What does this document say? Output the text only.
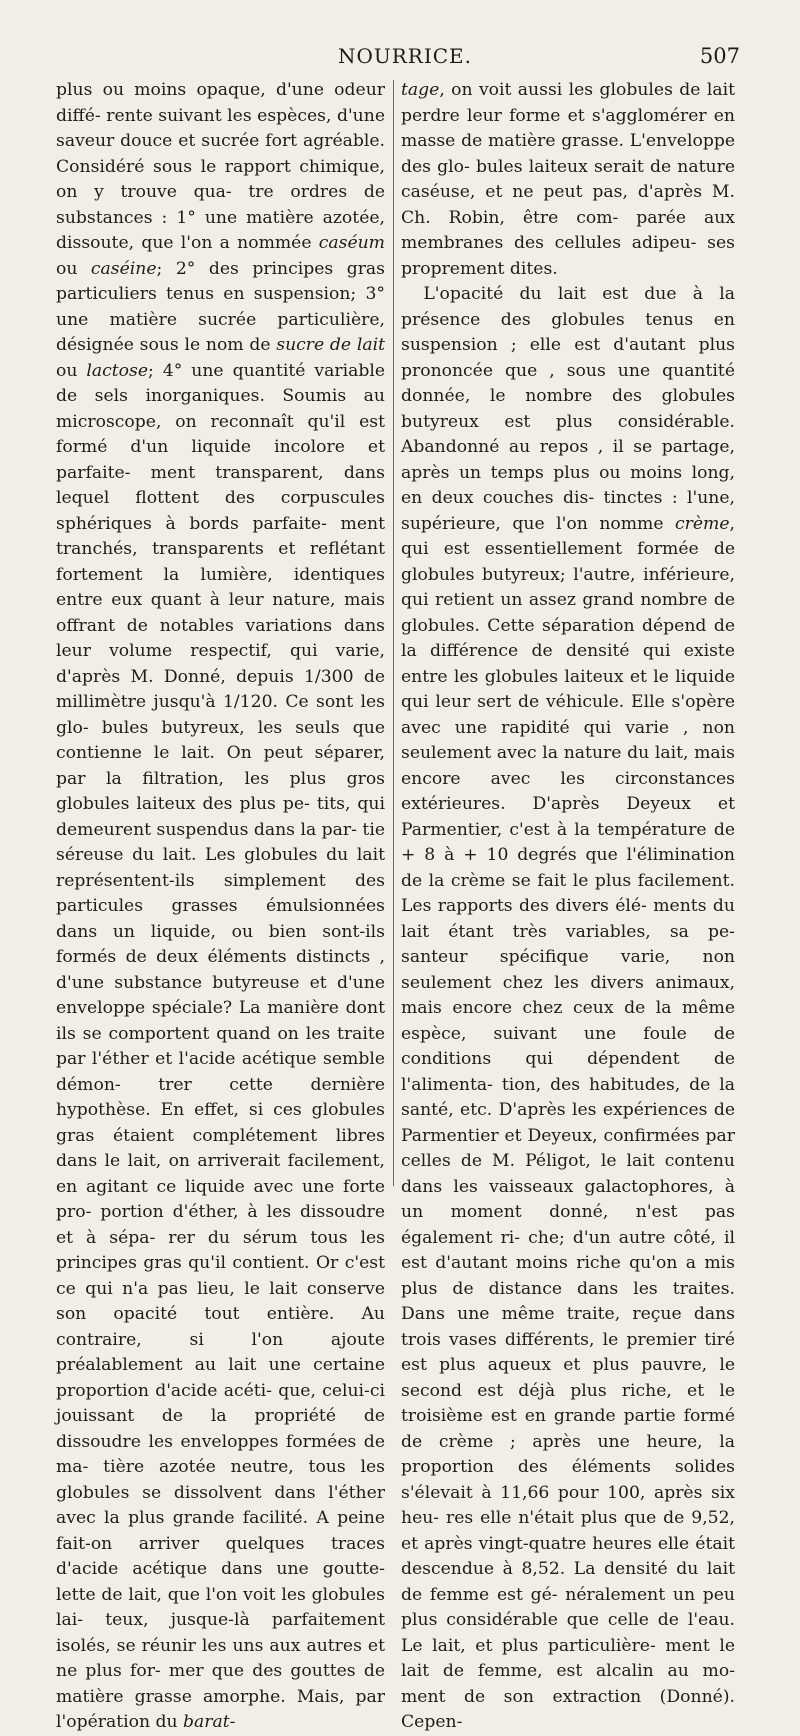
NOURRICE.	507

plus ou moins opaque, d'une odeur diffé- rente suivant les espèces, d'une saveur douce et sucrée fort agréable. Considéré sous le rapport chimique, on y trouve qua- tre ordres de substances : 1° une matière azotée, dissoute, que l'on a nommée caséum ou caséine; 2° des principes gras particuliers tenus en suspension; 3° une matière sucrée particulière, désignée sous le nom de sucre de lait ou lactose; 4° une quantité variable de sels inorganiques. Soumis au microscope, on reconnaît qu'il est formé d'un liquide incolore et parfaite- ment transparent, dans lequel flottent des corpuscules sphériques à bords parfaite- ment tranchés, transparents et reflétant fortement la lumière, identiques entre eux quant à leur nature, mais offrant de notables variations dans leur volume respectif, qui varie, d'après M. Donné, depuis 1/300 de millimètre jusqu'à 1/120. Ce sont les glo- bules butyreux, les seuls que contienne le lait. On peut séparer, par la filtration, les plus gros globules laiteux des plus pe- tits, qui demeurent suspendus dans la par- tie séreuse du lait. Les globules du lait représentent-ils simplement des particules grasses émulsionnées dans un liquide, ou bien sont-ils formés de deux éléments distincts , d'une substance butyreuse et d'une enveloppe spéciale? La manière dont ils se comportent quand on les traite par l'éther et l'acide acétique semble démon- trer cette dernière hypothèse. En effet, si ces globules gras étaient complétement libres dans le lait, on arriverait facilement, en agitant ce liquide avec une forte pro- portion d'éther, à les dissoudre et à sépa- rer du sérum tous les principes gras qu'il contient. Or c'est ce qui n'a pas lieu, le lait conserve son opacité tout entière. Au contraire, si l'on ajoute préalablement au lait une certaine proportion d'acide acéti- que, celui-ci jouissant de la propriété de dissoudre les enveloppes formées de ma- tière azotée neutre, tous les globules se dissolvent dans l'éther avec la plus grande facilité. A peine fait-on arriver quelques traces d'acide acétique dans une goutte- lette de lait, que l'on voit les globules lai- teux, jusque-là parfaitement isolés, se réunir les uns aux autres et ne plus for- mer que des gouttes de matière grasse amorphe. Mais, par l'opération du barat-

tage, on voit aussi les globules de lait perdre leur forme et s'agglomérer en masse de matière grasse. L'enveloppe des glo- bules laiteux serait de nature caséuse, et ne peut pas, d'après M. Ch. Robin, être com- parée aux membranes des cellules adipeu- ses proprement dites.

L'opacité du lait est due à la présence des globules tenus en suspension ; elle est d'autant plus prononcée que , sous une quantité donnée, le nombre des globules butyreux est plus considérable. Abandonné au repos , il se partage, après un temps plus ou moins long, en deux couches dis- tinctes : l'une, supérieure, que l'on nomme crème, qui est essentiellement formée de globules butyreux; l'autre, inférieure, qui retient un assez grand nombre de globules. Cette séparation dépend de la différence de densité qui existe entre les globules laiteux et le liquide qui leur sert de véhicule. Elle s'opère avec une rapidité qui varie , non seulement avec la nature du lait, mais encore avec les circonstances extérieures. D'après Deyeux et Parmentier, c'est à la température de + 8 à + 10 degrés que l'élimination de la crème se fait le plus facilement. Les rapports des divers élé- ments du lait étant très variables, sa pe- santeur spécifique varie, non seulement chez les divers animaux, mais encore chez ceux de la même espèce, suivant une foule de conditions qui dépendent de l'alimenta- tion, des habitudes, de la santé, etc. D'après les expériences de Parmentier et Deyeux, confirmées par celles de M. Péligot, le lait contenu dans les vaisseaux galactophores, à un moment donné, n'est pas également ri- che; d'un autre côté, il est d'autant moins riche qu'on a mis plus de distance dans les traites. Dans une même traite, reçue dans trois vases différents, le premier tiré est plus aqueux et plus pauvre, le second est déjà plus riche, et le troisième est en grande partie formé de crème ; après une heure, la proportion des éléments solides s'élevait à 11,66 pour 100, après six heu- res elle n'était plus que de 9,52, et après vingt-quatre heures elle était descendue à 8,52. La densité du lait de femme est gé- néralement un peu plus considérable que celle de l'eau. Le lait, et plus particulière- ment le lait de femme, est alcalin au mo- ment de son extraction (Donné). Cepen-
